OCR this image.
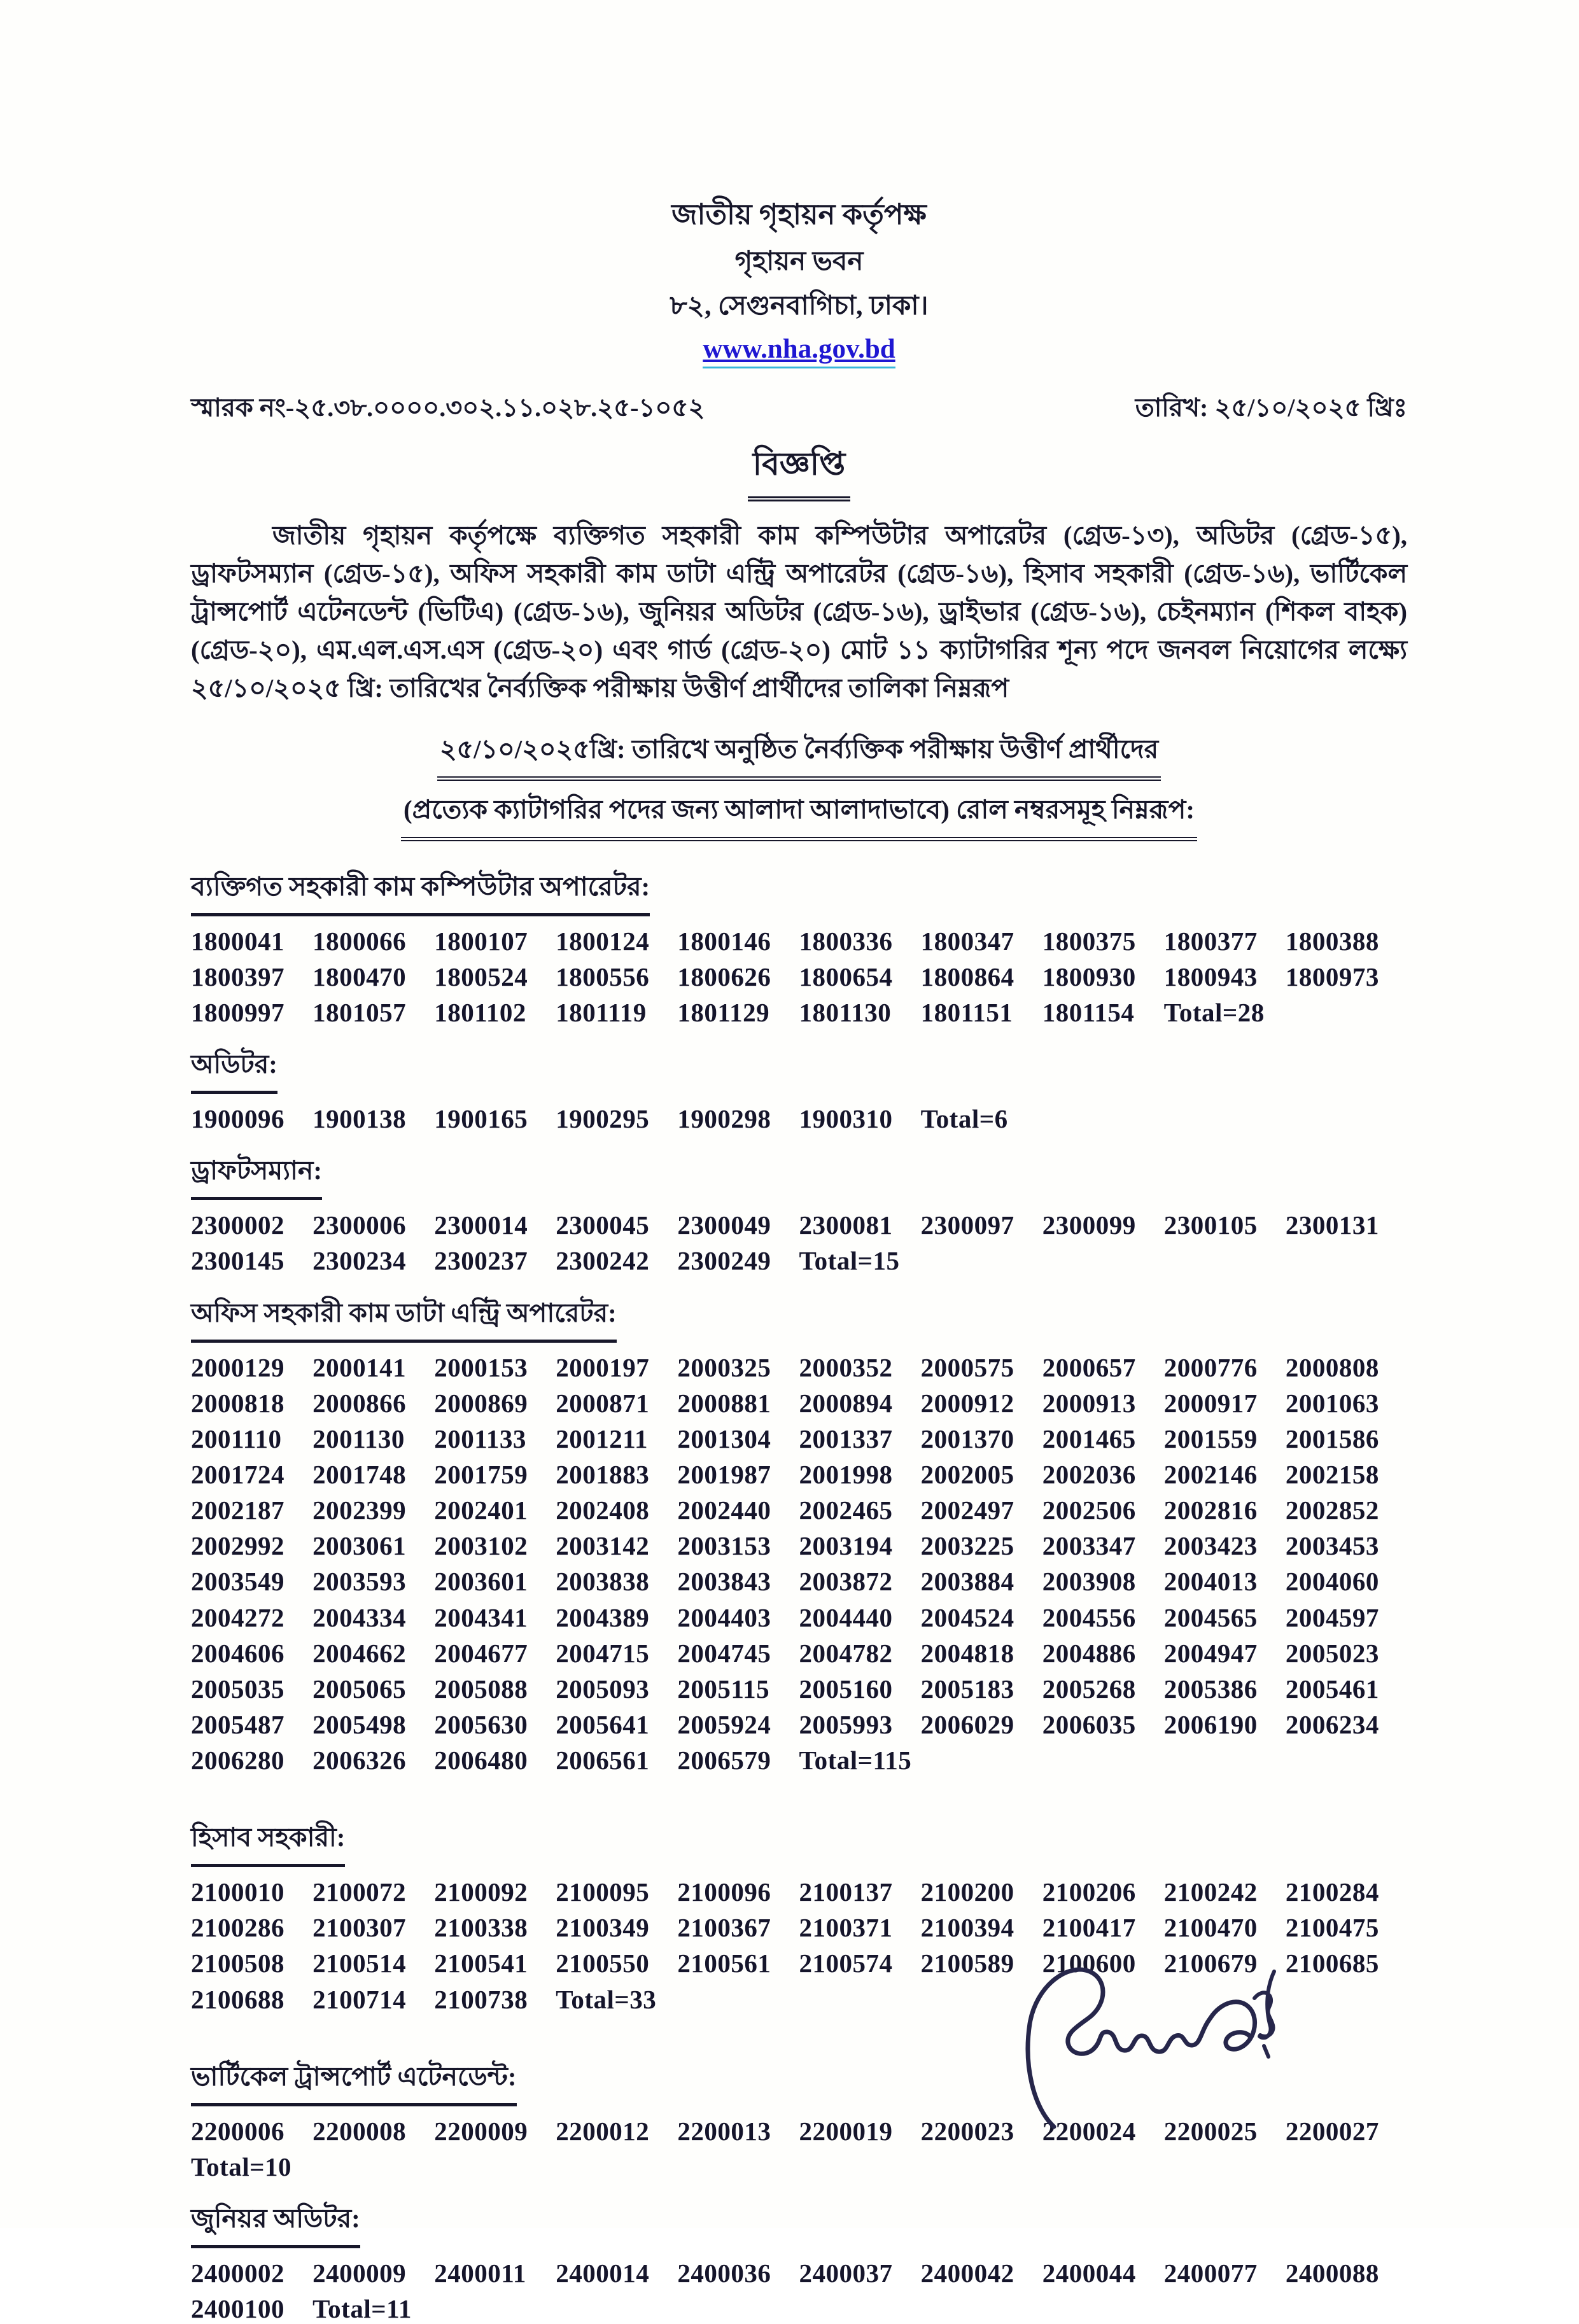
জাতীয় গৃহায়ন কর্তৃপক্ষ
গৃহায়ন ভবন
৮২, সেগুনবাগিচা, ঢাকা।
www.nha.gov.bd
স্মারক নং-২৫.৩৮.০০০০.৩০২.১১.০২৮.২৫-১০৫২	তারিখ: ২৫/১০/২০২৫ খ্রিঃ
বিজ্ঞপ্তি

জাতীয় গৃহায়ন কর্তৃপক্ষে ব্যক্তিগত সহকারী কাম কম্পিউটার অপারেটর (গ্রেড-১৩), অডিটর (গ্রেড-১৫), ড্রাফটসম্যান (গ্রেড-১৫), অফিস সহকারী কাম ডাটা এন্ট্রি অপারেটর (গ্রেড-১৬), হিসাব সহকারী (গ্রেড-১৬), ভার্টিকেল ট্রান্সপোর্ট এটেনডেন্ট (ভিটিএ) (গ্রেড-১৬), জুনিয়র অডিটর (গ্রেড-১৬), ড্রাইভার (গ্রেড-১৬), চেইনম্যান (শিকল বাহক) (গ্রেড-২০), এম.এল.এস.এস (গ্রেড-২০) এবং গার্ড (গ্রেড-২০) মোট ১১ ক্যাটাগরির শূন্য পদে জনবল নিয়োগের লক্ষ্যে ২৫/১০/২০২৫ খ্রি: তারিখের নৈর্ব্যক্তিক পরীক্ষায় উত্তীর্ণ প্রার্থীদের তালিকা নিম্নরূপ

২৫/১০/২০২৫খ্রি: তারিখে অনুষ্ঠিত নৈর্ব্যক্তিক পরীক্ষায় উত্তীর্ণ প্রার্থীদের
(প্রত্যেক ক্যাটাগরির পদের জন্য আলাদা আলাদাভাবে) রোল নম্বরসমূহ নিম্নরূপ:
ব্যক্তিগত সহকারী কাম কম্পিউটার অপারেটর:
1800041	1800066	1800107	1800124	1800146	1800336	1800347	1800375	1800377	1800388
1800397	1800470	1800524	1800556	1800626	1800654	1800864	1800930	1800943	1800973
1800997	1801057	1801102	1801119	1801129	1801130	1801151	1801154	Total=28
অডিটর:
1900096	1900138	1900165	1900295	1900298	1900310	Total=6
ড্রাফটসম্যান:
2300002	2300006	2300014	2300045	2300049	2300081	2300097	2300099	2300105	2300131
2300145	2300234	2300237	2300242	2300249	Total=15
অফিস সহকারী কাম ডাটা এন্ট্রি অপারেটর:
2000129	2000141	2000153	2000197	2000325	2000352	2000575	2000657	2000776	2000808
2000818	2000866	2000869	2000871	2000881	2000894	2000912	2000913	2000917	2001063
2001110	2001130	2001133	2001211	2001304	2001337	2001370	2001465	2001559	2001586
2001724	2001748	2001759	2001883	2001987	2001998	2002005	2002036	2002146	2002158
2002187	2002399	2002401	2002408	2002440	2002465	2002497	2002506	2002816	2002852
2002992	2003061	2003102	2003142	2003153	2003194	2003225	2003347	2003423	2003453
2003549	2003593	2003601	2003838	2003843	2003872	2003884	2003908	2004013	2004060
2004272	2004334	2004341	2004389	2004403	2004440	2004524	2004556	2004565	2004597
2004606	2004662	2004677	2004715	2004745	2004782	2004818	2004886	2004947	2005023
2005035	2005065	2005088	2005093	2005115	2005160	2005183	2005268	2005386	2005461
2005487	2005498	2005630	2005641	2005924	2005993	2006029	2006035	2006190	2006234
2006280	2006326	2006480	2006561	2006579	Total=115
হিসাব সহকারী:
2100010	2100072	2100092	2100095	2100096	2100137	2100200	2100206	2100242	2100284
2100286	2100307	2100338	2100349	2100367	2100371	2100394	2100417	2100470	2100475
2100508	2100514	2100541	2100550	2100561	2100574	2100589	2100600	2100679	2100685
2100688	2100714	2100738	Total=33
ভার্টিকেল ট্রান্সপোর্ট এটেনডেন্ট:
2200006	2200008	2200009	2200012	2200013	2200019	2200023	2200024	2200025	2200027
Total=10
জুনিয়র অডিটর:
2400002	2400009	2400011	2400014	2400036	2400037	2400042	2400044	2400077	2400088
2400100	Total=11
